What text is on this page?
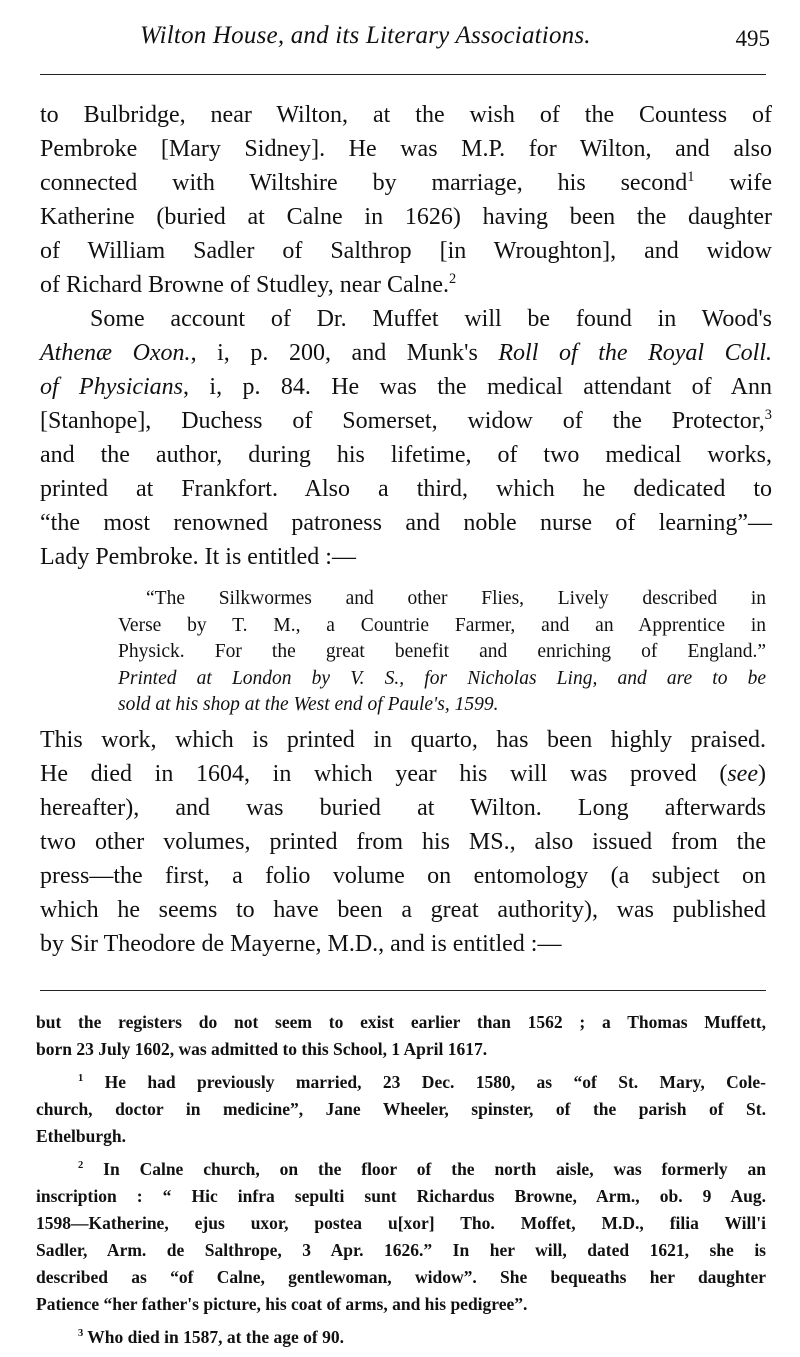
Wilton House, and its Literary Associations.	495
to Bulbridge, near Wilton, at the wish of the Countess of
Pembroke [Mary Sidney]. He was M.P. for Wilton, and also
connected with Wiltshire by marriage, his second$^1$ wife
Katherine (buried at Calne in 1626) having been the daughter
of William Sadler of Salthrop [in Wroughton], and widow
of Richard Browne of Studley, near Calne.$^2$
Some account of Dr. Muffet will be found in Wood's
Athenæ Oxon., i, p. 200, and Munk's Roll of the Royal Coll.
of Physicians, i, p. 84. He was the medical attendant of Ann
[Stanhope], Duchess of Somerset, widow of the Protector,$^3$
and the author, during his lifetime, of two medical works,
printed at Frankfort. Also a third, which he dedicated to
“the most renowned patroness and noble nurse of learning”—
Lady Pembroke. It is entitled :—
“The Silkwormes and other Flies, Lively described in
Verse by T. M., a Countrie Farmer, and an Apprentice in
Physick. For the great benefit and enriching of England.”
Printed at London by V. S., for Nicholas Ling, and are to be
sold at his shop at the West end of Paule's, 1599.
This work, which is printed in quarto, has been highly praised.
He died in 1604, in which year his will was proved (see)
hereafter), and was buried at Wilton. Long afterwards
two other volumes, printed from his MS., also issued from the
press—the first, a folio volume on entomology (a subject on
which he seems to have been a great authority), was published
by Sir Theodore de Mayerne, M.D., and is entitled :—
but the registers do not seem to exist earlier than 1562 ; a Thomas Muffett,
born 23 July 1602, was admitted to this School, 1 April 1617.
$^1$ He had previously married, 23 Dec. 1580, as “of St. Mary, Cole-
church, doctor in medicine”, Jane Wheeler, spinster, of the parish of St.
Ethelburgh.
$^2$ In Calne church, on the floor of the north aisle, was formerly an
inscription : “ Hic infra sepulti sunt Richardus Browne, Arm., ob. 9 Aug.
1598—Katherine, ejus uxor, postea u[xor] Tho. Moffet, M.D., filia Will'i
Sadler, Arm. de Salthrope, 3 Apr. 1626.” In her will, dated 1621, she is
described as “of Calne, gentlewoman, widow”. She bequeaths her daughter
Patience “her father's picture, his coat of arms, and his pedigree”.
$^3$ Who died in 1587, at the age of 90.
